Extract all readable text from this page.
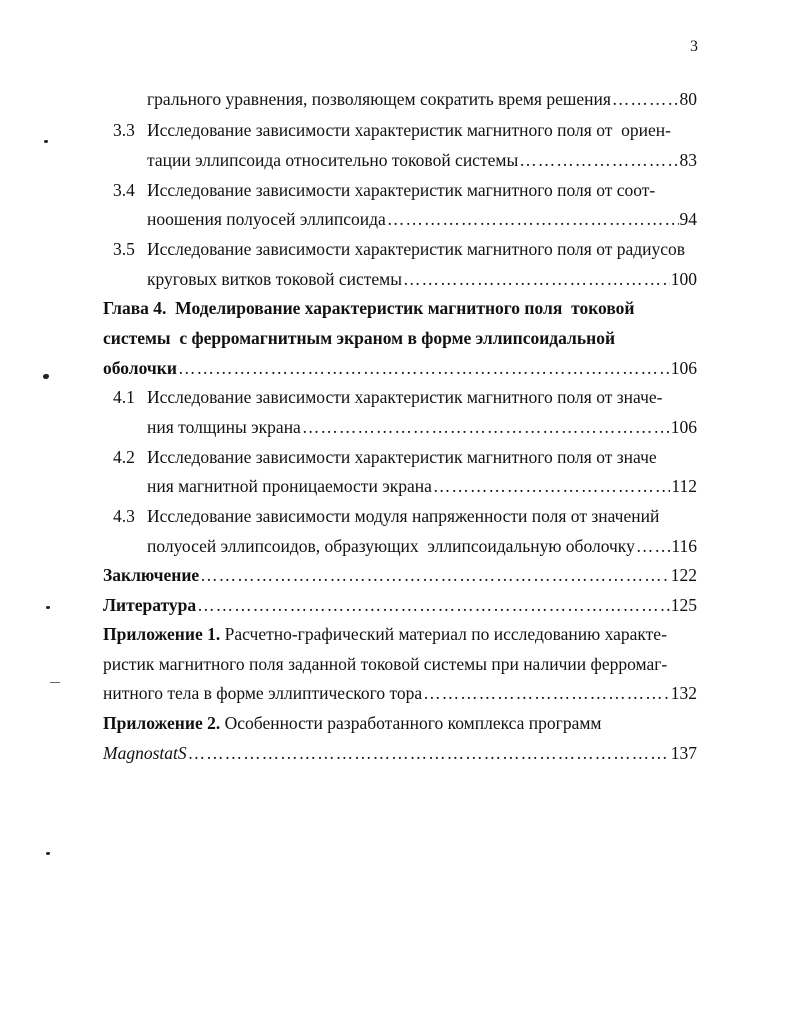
3
грального уравнения, позволяющем сократить время решения ………………………………………………………………………………………………………………………………………………	80
3.3 Исследование зависимости характеристик магнитного поля от  ориен-
тации эллипсоида относительно токовой системы ………………………………………………………………………………………………………………………………………………	83
3.4 Исследование зависимости характеристик магнитного поля от соот-
ноошения полуосей эллипсоида ………………………………………………………………………………………………………………………………………………	94
3.5 Исследование зависимости характеристик магнитного поля от радиусов
круговых витков токовой системы ………………………………………………………………………………………………………………………………………………	100
Глава 4.  Моделирование характеристик магнитного поля  токовой
системы  с ферромагнитным экраном в форме эллипсоидальной
оболочки ………………………………………………………………………………………………………………………………………………	106
4.1 Исследование зависимости характеристик магнитного поля от значе-
ния толщины экрана ………………………………………………………………………………………………………………………………………………	106
4.2 Исследование зависимости характеристик магнитного поля от значе
ния магнитной проницаемости экрана ………………………………………………………………………………………………………………………………………………	112
4.3 Исследование зависимости модуля напряженности поля от значений
полуосей эллипсоидов, образующих  эллипсоидальную оболочку ……………………………………………………………………………………………………………………………………………… 116
Заключение ………………………………………………………………………………………………………………………………………………	122
Литература ………………………………………………………………………………………………………………………………………………	125
Приложение 1. Расчетно-графический материал по исследованию характе-
ристик магнитного поля заданной токовой системы при наличии ферромаг-
нитного тела в форме эллиптического тора ………………………………………………………………………………………………………………………………………………	132
Приложение 2. Особенности разработанного комплекса программ
MagnostatS ………………………………………………………………………………………………………………………………………………	137
